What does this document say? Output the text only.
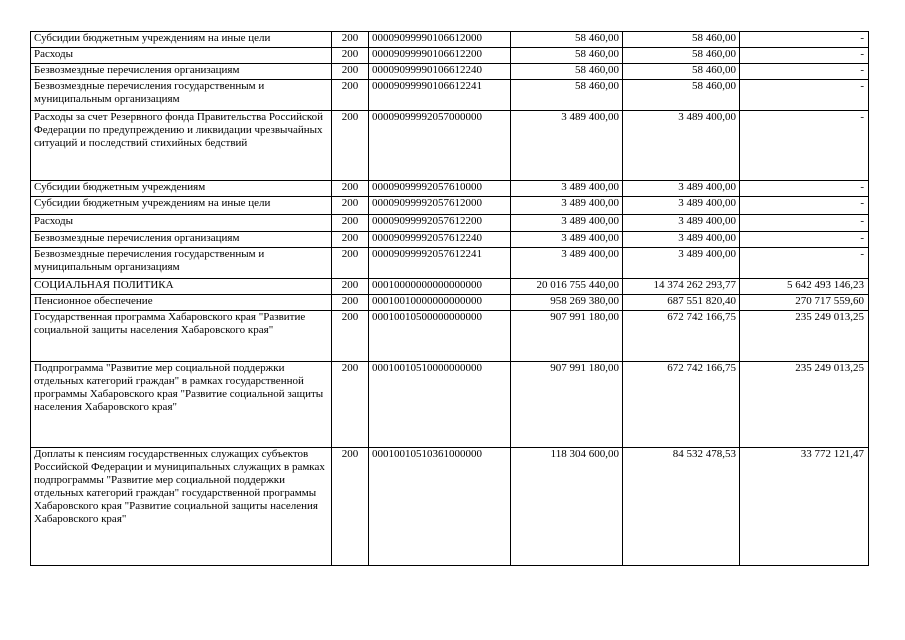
Субсидии бюджетным учреждениям на иные цели	200	00009099990106612000	58 460,00	58 460,00	-
Расходы	200	00009099990106612200	58 460,00	58 460,00	-
Безвозмездные перечисления организациям	200	00009099990106612240	58 460,00	58 460,00	-
Безвозмездные перечисления государственным и муниципальным организациям	200	00009099990106612241	58 460,00	58 460,00	-
Расходы за счет Резервного фонда Правительства Российской Федерации по предупреждению и ликвидации чрезвычайных ситуаций и последствий стихийных бедствий	200	00009099992057000000	3 489 400,00	3 489 400,00	-
Субсидии бюджетным учреждениям	200	00009099992057610000	3 489 400,00	3 489 400,00	-
Субсидии бюджетным учреждениям на иные цели	200	00009099992057612000	3 489 400,00	3 489 400,00	-
Расходы	200	00009099992057612200	3 489 400,00	3 489 400,00	-
Безвозмездные перечисления организациям	200	00009099992057612240	3 489 400,00	3 489 400,00	-
Безвозмездные перечисления государственным и муниципальным организациям	200	00009099992057612241	3 489 400,00	3 489 400,00	-
СОЦИАЛЬНАЯ ПОЛИТИКА	200	00010000000000000000	20 016 755 440,00	14 374 262 293,77	5 642 493 146,23
Пенсионное обеспечение	200	00010010000000000000	958 269 380,00	687 551 820,40	270 717 559,60
Государственная программа Хабаровского края "Развитие социальной защиты населения Хабаровского края"	200	00010010500000000000	907 991 180,00	672 742 166,75	235 249 013,25
Подпрограмма "Развитие мер социальной поддержки отдельных категорий граждан" в рамках государственной программы Хабаровского края "Развитие социальной защиты населения Хабаровского края"	200	00010010510000000000	907 991 180,00	672 742 166,75	235 249 013,25
Доплаты к пенсиям государственных служащих субъектов Российской Федерации и муниципальных служащих в рамках подпрограммы "Развитие мер социальной поддержки отдельных категорий граждан" государственной программы Хабаровского края "Развитие социальной защиты населения Хабаровского края"	200	00010010510361000000	118 304 600,00	84 532 478,53	33 772 121,47
